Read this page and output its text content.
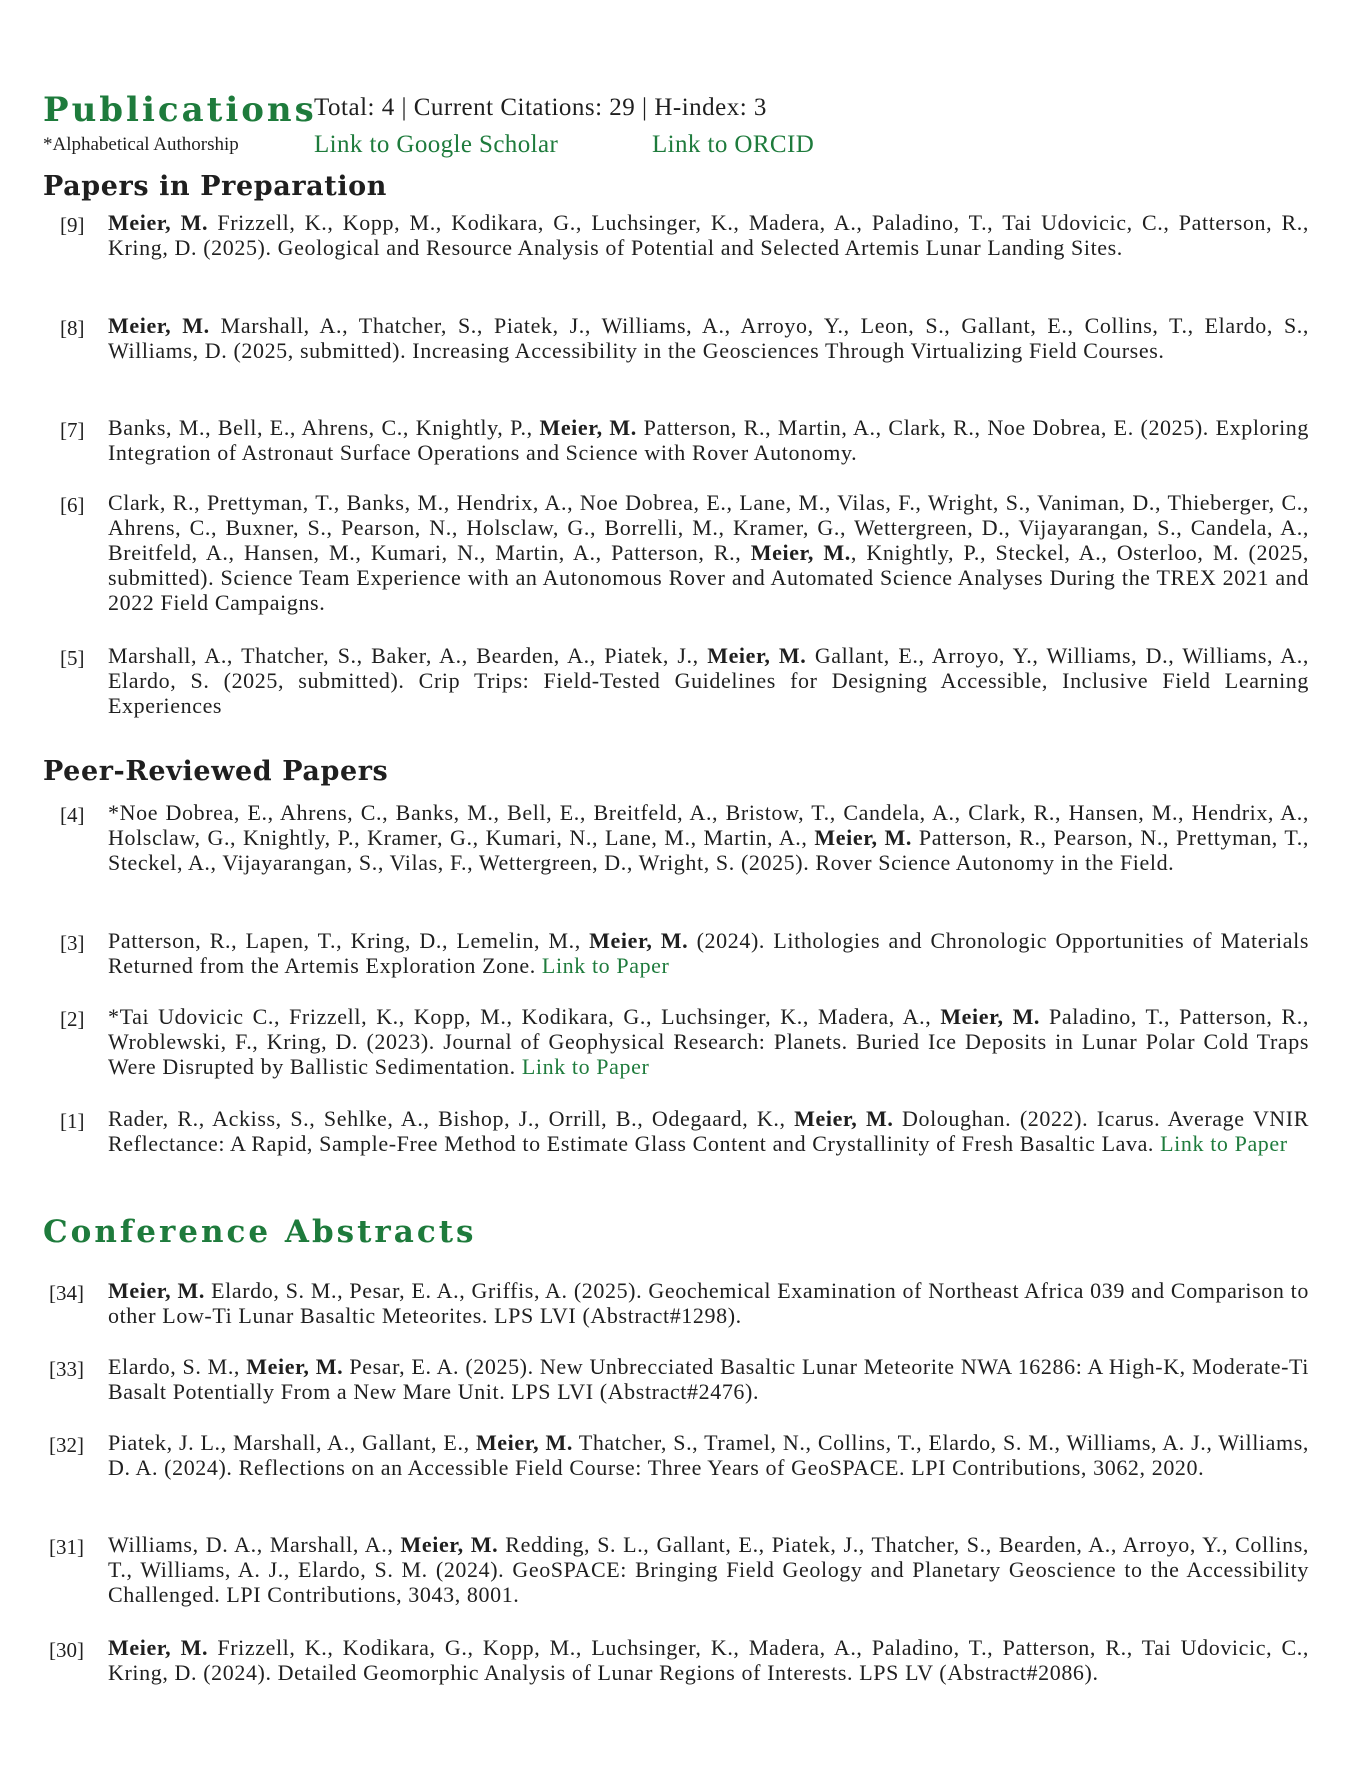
Publications
Total: 4 | Current Citations: 29 | H-index: 3
*Alphabetical Authorship	Link to Google Scholar	Link to ORCID
Papers in Preparation
[9] Meier, M. Frizzell, K., Kopp, M., Kodikara, G., Luchsinger, K., Madera, A., Paladino, T., Tai Udovicic, C., Patterson, R., Kring, D. (2025). Geological and Resource Analysis of Potential and Selected Artemis Lunar Landing Sites.
[8] Meier, M. Marshall, A., Thatcher, S., Piatek, J., Williams, A., Arroyo, Y., Leon, S., Gallant, E., Collins, T., Elardo, S., Williams, D. (2025, submitted). Increasing Accessibility in the Geosciences Through Virtualizing Field Courses.
[7] Banks, M., Bell, E., Ahrens, C., Knightly, P., Meier, M. Patterson, R., Martin, A., Clark, R., Noe Dobrea, E. (2025). Exploring Integration of Astronaut Surface Operations and Science with Rover Autonomy.
[6] Clark, R., Prettyman, T., Banks, M., Hendrix, A., Noe Dobrea, E., Lane, M., Vilas, F., Wright, S., Vaniman, D., Thieberger, C., Ahrens, C., Buxner, S., Pearson, N., Holsclaw, G., Borrelli, M., Kramer, G., Wettergreen, D., Vijayarangan, S., Candela, A., Breitfeld, A., Hansen, M., Kumari, N., Martin, A., Patterson, R., Meier, M., Knightly, P., Steckel, A., Osterloo, M. (2025, submitted). Science Team Experience with an Autonomous Rover and Automated Science Analyses During the TREX 2021 and 2022 Field Campaigns.
[5] Marshall, A., Thatcher, S., Baker, A., Bearden, A., Piatek, J., Meier, M. Gallant, E., Arroyo, Y., Williams, D., Williams, A., Elardo, S. (2025, submitted). Crip Trips: Field-Tested Guidelines for Designing Accessible, Inclusive Field Learning Experiences
Peer-Reviewed Papers
[4] *Noe Dobrea, E., Ahrens, C., Banks, M., Bell, E., Breitfeld, A., Bristow, T., Candela, A., Clark, R., Hansen, M., Hendrix, A., Holsclaw, G., Knightly, P., Kramer, G., Kumari, N., Lane, M., Martin, A., Meier, M. Patterson, R., Pearson, N., Prettyman, T., Steckel, A., Vijayarangan, S., Vilas, F., Wettergreen, D., Wright, S. (2025). Rover Science Autonomy in the Field.
[3] Patterson, R., Lapen, T., Kring, D., Lemelin, M., Meier, M. (2024). Lithologies and Chronologic Opportunities of Materials Returned from the Artemis Exploration Zone. Link to Paper
[2] *Tai Udovicic C., Frizzell, K., Kopp, M., Kodikara, G., Luchsinger, K., Madera, A., Meier, M. Paladino, T., Patterson, R., Wroblewski, F., Kring, D. (2023). Journal of Geophysical Research: Planets. Buried Ice Deposits in Lunar Polar Cold Traps Were Disrupted by Ballistic Sedimentation. Link to Paper
[1] Rader, R., Ackiss, S., Sehlke, A., Bishop, J., Orrill, B., Odegaard, K., Meier, M. Doloughan. (2022). Icarus. Average VNIR Reflectance: A Rapid, Sample-Free Method to Estimate Glass Content and Crystallinity of Fresh Basaltic Lava. Link to Paper
Conference Abstracts
[34] Meier, M. Elardo, S. M., Pesar, E. A., Griffis, A. (2025). Geochemical Examination of Northeast Africa 039 and Comparison to other Low-Ti Lunar Basaltic Meteorites. LPS LVI (Abstract#1298).
[33] Elardo, S. M., Meier, M. Pesar, E. A. (2025). New Unbrecciated Basaltic Lunar Meteorite NWA 16286: A High-K, Moderate-Ti Basalt Potentially From a New Mare Unit. LPS LVI (Abstract#2476).
[32] Piatek, J. L., Marshall, A., Gallant, E., Meier, M. Thatcher, S., Tramel, N., Collins, T., Elardo, S. M., Williams, A. J., Williams, D. A. (2024). Reflections on an Accessible Field Course: Three Years of GeoSPACE. LPI Contributions, 3062, 2020.
[31] Williams, D. A., Marshall, A., Meier, M. Redding, S. L., Gallant, E., Piatek, J., Thatcher, S., Bearden, A., Arroyo, Y., Collins, T., Williams, A. J., Elardo, S. M. (2024). GeoSPACE: Bringing Field Geology and Planetary Geoscience to the Accessibility Challenged. LPI Contributions, 3043, 8001.
[30] Meier, M. Frizzell, K., Kodikara, G., Kopp, M., Luchsinger, K., Madera, A., Paladino, T., Patterson, R., Tai Udovicic, C., Kring, D. (2024). Detailed Geomorphic Analysis of Lunar Regions of Interests. LPS LV (Abstract#2086).
